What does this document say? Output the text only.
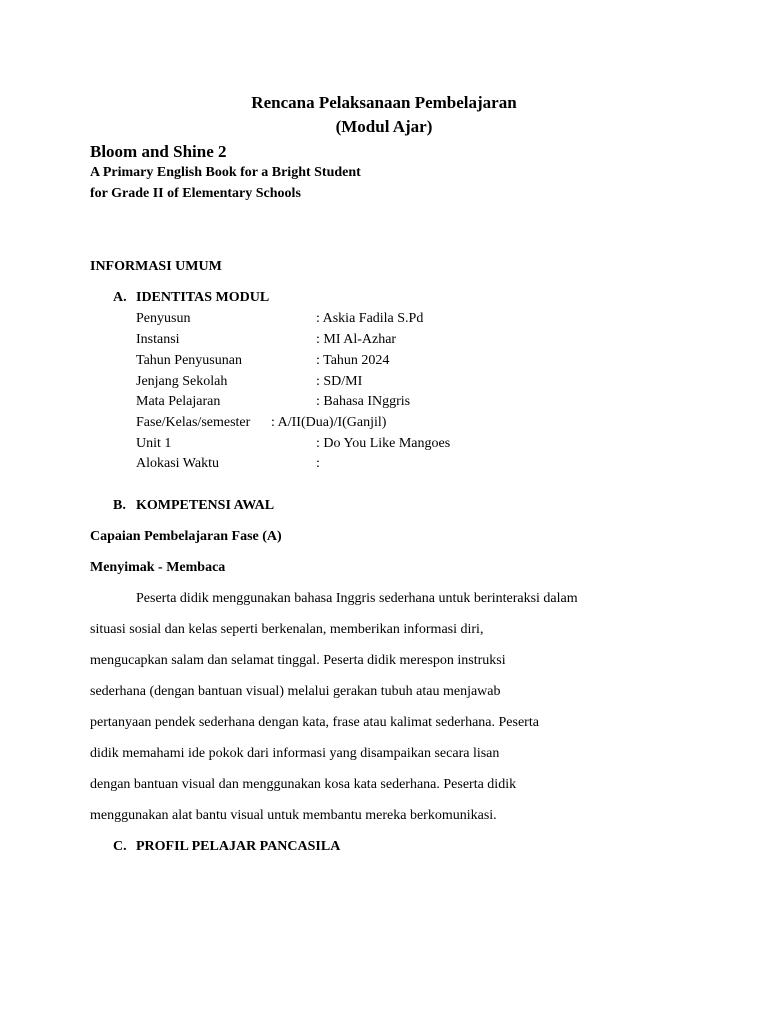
Rencana Pelaksanaan Pembelajaran
(Modul Ajar)
Bloom and Shine 2
A Primary English Book for a Bright Student
for Grade II of Elementary Schools
INFORMASI UMUM
A. IDENTITAS MODUL
Penyusun	: Askia Fadila S.Pd
Instansi	: MI Al-Azhar
Tahun Penyusunan	: Tahun 2024
Jenjang Sekolah	: SD/MI
Mata Pelajaran	: Bahasa INggris
Fase/Kelas/semester : A/II(Dua)/I(Ganjil)
Unit 1	: Do You Like Mangoes
Alokasi Waktu	:
B. KOMPETENSI AWAL
Capaian Pembelajaran Fase (A)
Menyimak - Membaca
Peserta didik menggunakan bahasa Inggris sederhana untuk berinteraksi dalam
situasi sosial dan kelas seperti berkenalan, memberikan informasi diri,
mengucapkan salam dan selamat tinggal. Peserta didik merespon instruksi
sederhana (dengan bantuan visual) melalui gerakan tubuh atau menjawab
pertanyaan pendek sederhana dengan kata, frase atau kalimat sederhana. Peserta
didik memahami ide pokok dari informasi yang disampaikan secara lisan
dengan bantuan visual dan menggunakan kosa kata sederhana. Peserta didik
menggunakan alat bantu visual untuk membantu mereka berkomunikasi.
C. PROFIL PELAJAR PANCASILA
